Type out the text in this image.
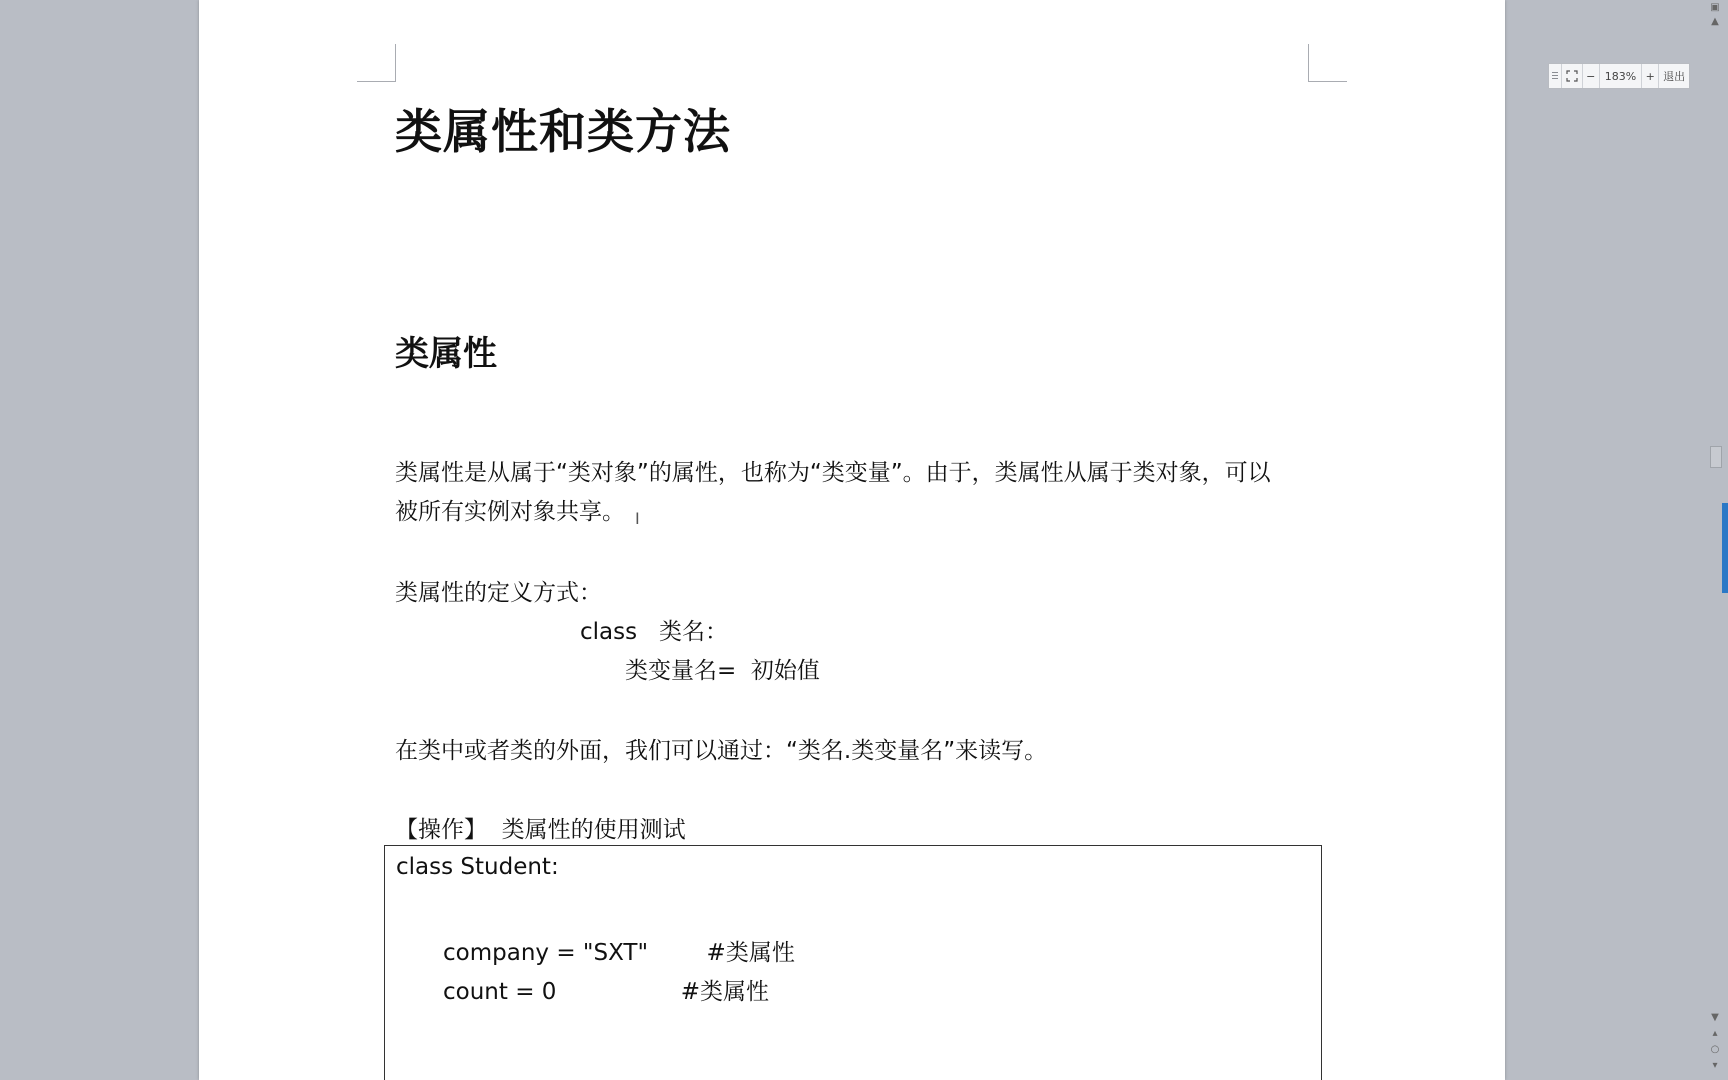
类属性和类方法
类属性
类属性是从属于“类对象”的属性，也称为“类变量”。由于，类属性从属于类对象，可以
被所有实例对象共享。 I
类属性的定义方式：
class   类名：
类变量名=  初始值
在类中或者类的外面，我们可以通过：“类名.类变量名”来读写。
【操作】  类属性的使用测试
class Student:
company = "SXT"        #类属性
count = 0                 #类属性
− 183% + 退出
▣
▲
▼
▴
○
▾
